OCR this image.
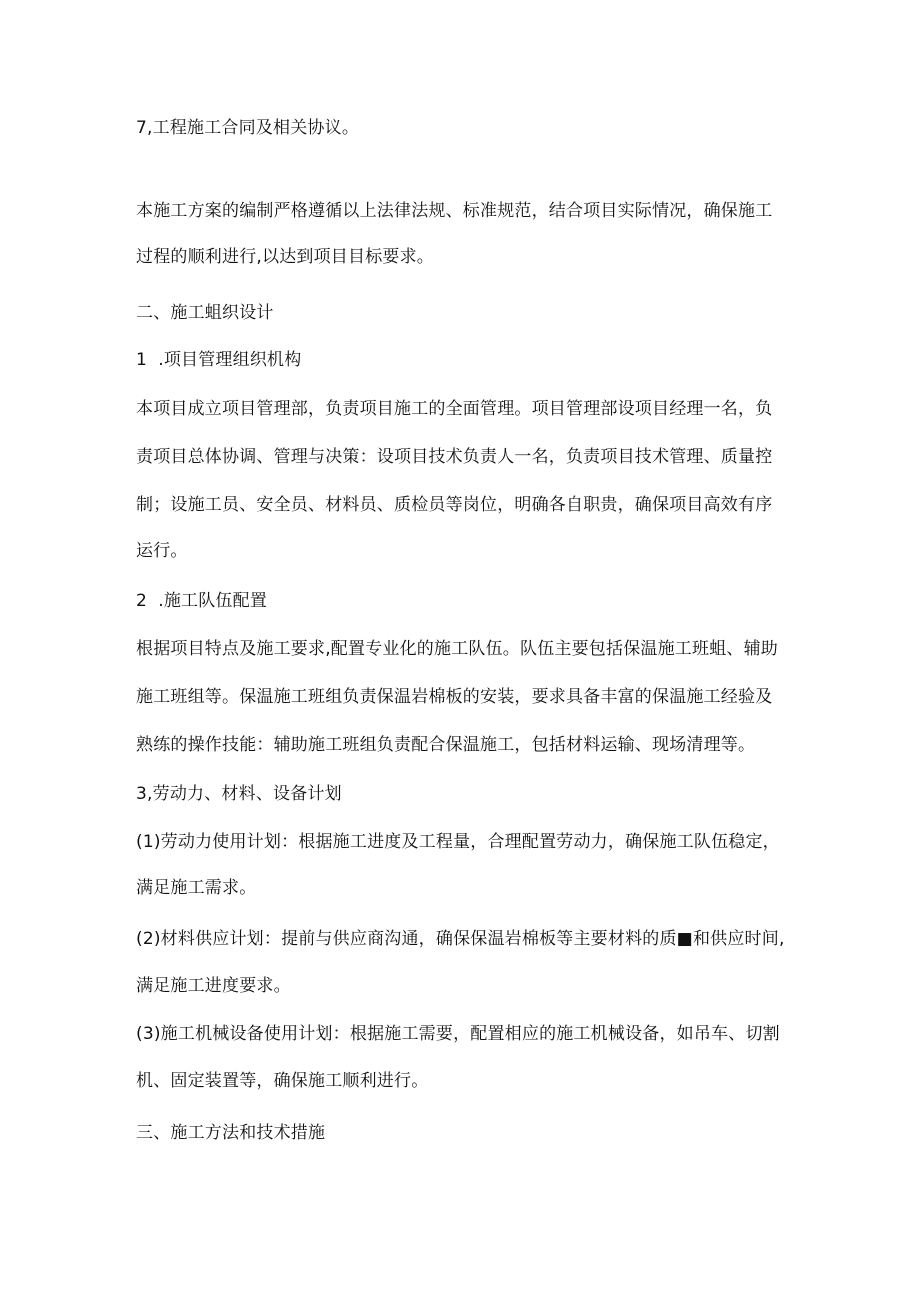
7,工程施工合同及相关协议。

本施工方案的编制严格遵循以上法律法规、标准规范，结合项目实际情况，确保施工

过程的顺利进行,以达到项目目标要求。

二、施工蛆织设计

1  .项目管理组织机构

本项目成立项目管理部，负责项目施工的全面管理。项目管理部设项目经理一名，负

责项目总体协调、管理与决策：设项目技术负责人一名，负责项目技术管理、质量控

制；设施工员、安全员、材料员、质检员等岗位，明确各自职贵，确保项目高效有序

运行。

2  .施工队伍配置

根据项目特点及施工要求,配置专业化的施工队伍。队伍主要包括保温施工班蛆、辅助

施工班组等。保温施工班组负责保温岩棉板的安装，要求具备丰富的保温施工经验及

熟练的操作技能：辅助施工班组负责配合保温施工，包括材料运输、现场清理等。

3,劳动力、材料、设备计划

(1)劳动力使用计划：根据施工进度及工程量，合理配置劳动力，确保施工队伍稳定，

满足施工需求。

(2)材料供应计划：提前与供应商沟通，确保保温岩棉板等主要材料的质■和供应时间,

满足施工进度要求。

(3)施工机械设备使用计划：根据施工需要，配置相应的施工机械设备，如吊车、切割

机、固定装置等，确保施工顺利进行。

三、施工方法和技术措施
